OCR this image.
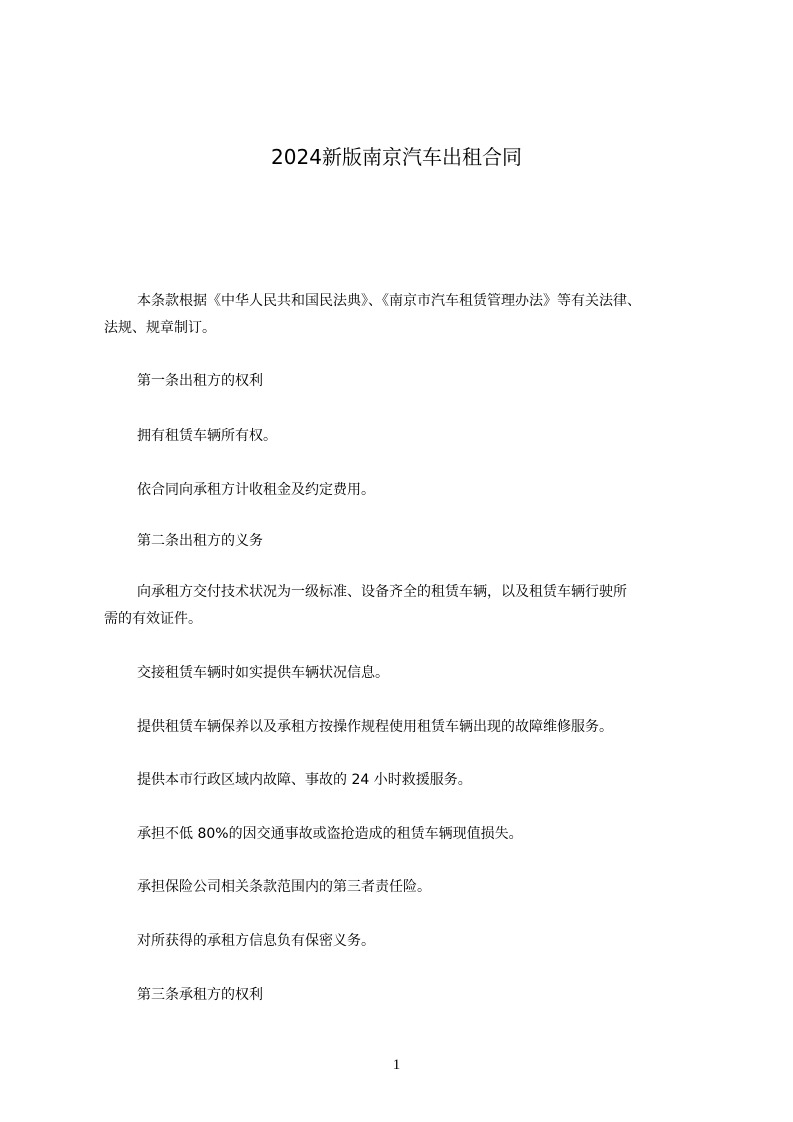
2024新版南京汽车出租合同

本条款根据《中华人民共和国民法典》、《南京市汽车租赁管理办法》等有关法律、

法规、规章制订。

第一条出租方的权利

拥有租赁车辆所有权。

依合同向承租方计收租金及约定费用。

第二条出租方的义务

向承租方交付技术状况为一级标准、设备齐全的租赁车辆，以及租赁车辆行驶所

需的有效证件。

交接租赁车辆时如实提供车辆状况信息。

提供租赁车辆保养以及承租方按操作规程使用租赁车辆出现的故障维修服务。

提供本市行政区域内故障、事故的 24 小时救援服务。

承担不低 80%的因交通事故或盗抢造成的租赁车辆现值损失。

承担保险公司相关条款范围内的第三者责任险。

对所获得的承租方信息负有保密义务。

第三条承租方的权利

1
